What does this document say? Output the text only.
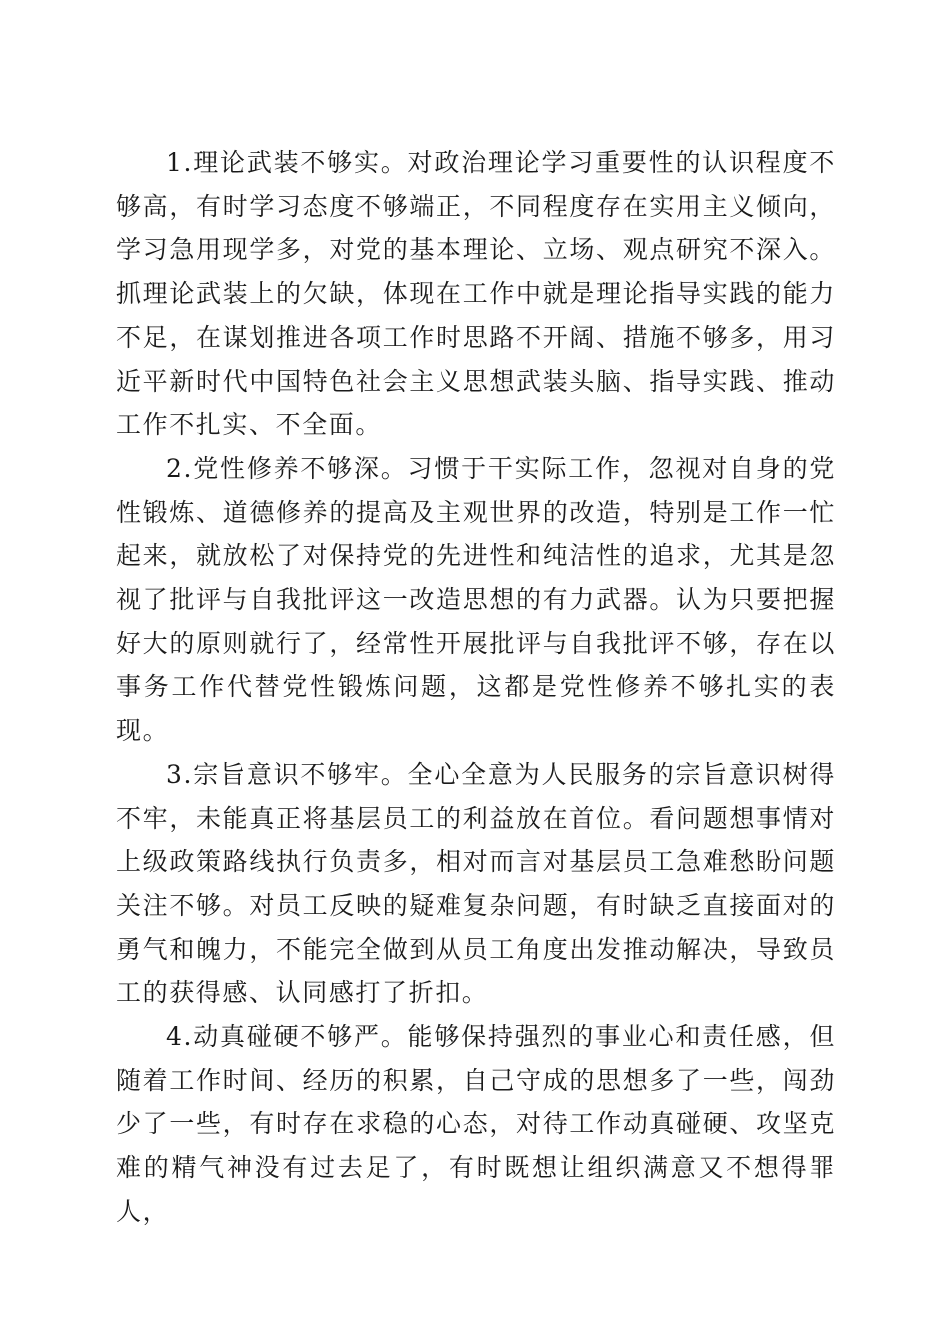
1.理论武装不够实。对政治理论学习重要性的认识程度不够高，有时学习态度不够端正，不同程度存在实用主义倾向，学习急用现学多，对党的基本理论、立场、观点研究不深入。抓理论武装上的欠缺，体现在工作中就是理论指导实践的能力不足，在谋划推进各项工作时思路不开阔、措施不够多，用习近平新时代中国特色社会主义思想武装头脑、指导实践、推动工作不扎实、不全面。

2.党性修养不够深。习惯于干实际工作，忽视对自身的党性锻炼、道德修养的提高及主观世界的改造，特别是工作一忙起来，就放松了对保持党的先进性和纯洁性的追求，尤其是忽视了批评与自我批评这一改造思想的有力武器。认为只要把握好大的原则就行了，经常性开展批评与自我批评不够，存在以事务工作代替党性锻炼问题，这都是党性修养不够扎实的表现。

3.宗旨意识不够牢。全心全意为人民服务的宗旨意识树得不牢，未能真正将基层员工的利益放在首位。看问题想事情对上级政策路线执行负责多，相对而言对基层员工急难愁盼问题关注不够。对员工反映的疑难复杂问题，有时缺乏直接面对的勇气和魄力，不能完全做到从员工角度出发推动解决，导致员工的获得感、认同感打了折扣。

4.动真碰硬不够严。能够保持强烈的事业心和责任感，但随着工作时间、经历的积累，自己守成的思想多了一些，闯劲少了一些，有时存在求稳的心态，对待工作动真碰硬、攻坚克难的精气神没有过去足了，有时既想让组织满意又不想得罪人，
